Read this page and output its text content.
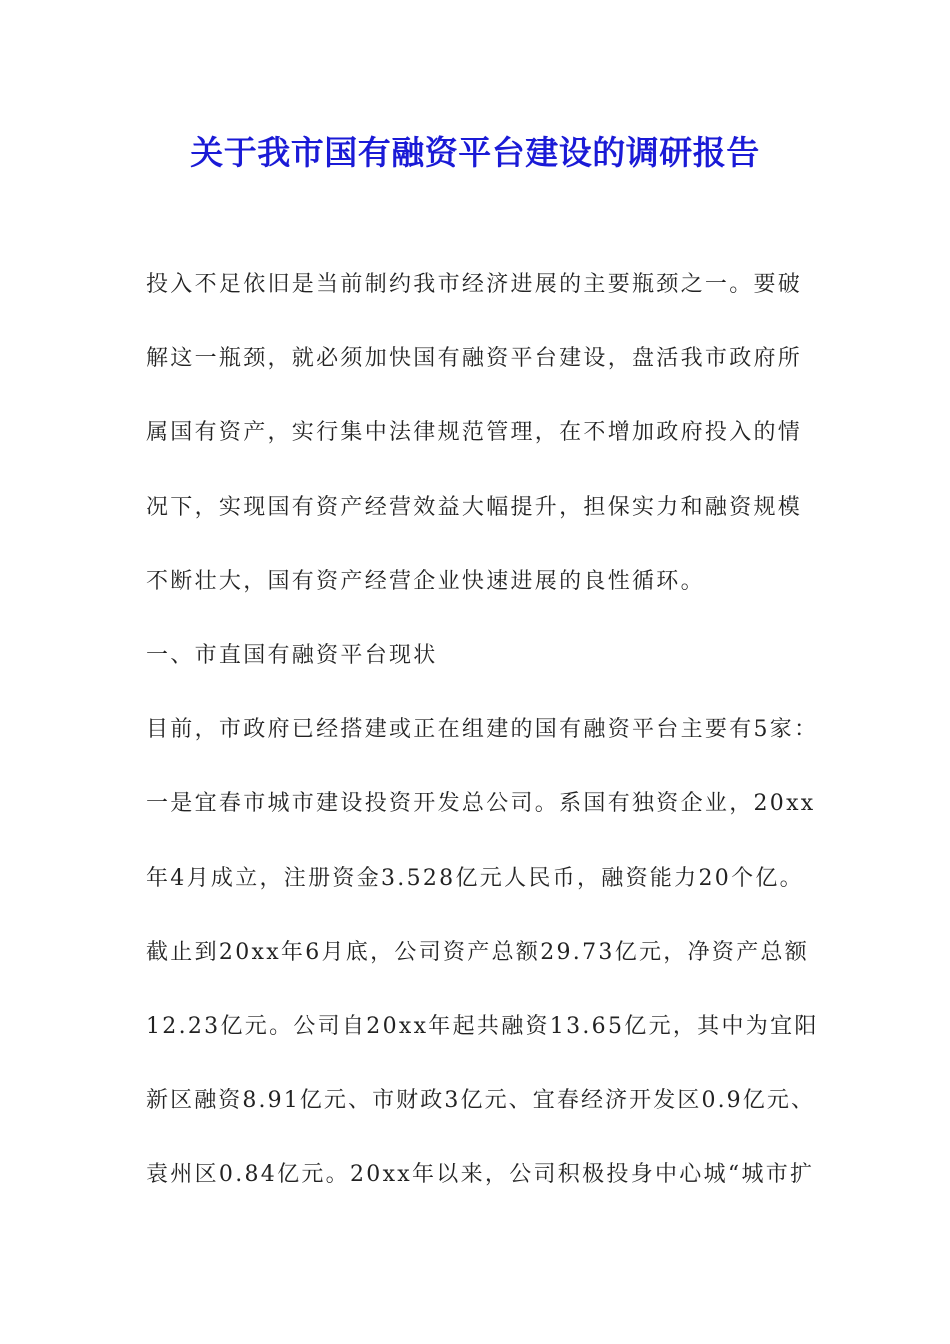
关于我市国有融资平台建设的调研报告
投入不足依旧是当前制约我市经济进展的主要瓶颈之一。要破
解这一瓶颈，就必须加快国有融资平台建设，盘活我市政府所
属国有资产，实行集中法律规范管理，在不增加政府投入的情
况下，实现国有资产经营效益大幅提升，担保实力和融资规模
不断壮大，国有资产经营企业快速进展的良性循环。
一、市直国有融资平台现状
目前，市政府已经搭建或正在组建的国有融资平台主要有5家：
一是宜春市城市建设投资开发总公司。系国有独资企业，20xx
年4月成立，注册资金3.528亿元人民币，融资能力20个亿。
截止到20xx年6月底，公司资产总额29.73亿元，净资产总额
12.23亿元。公司自20xx年起共融资13.65亿元，其中为宜阳
新区融资8.91亿元、市财政3亿元、宜春经济开发区0.9亿元、
袁州区0.84亿元。20xx年以来，公司积极投身中心城“城市扩
